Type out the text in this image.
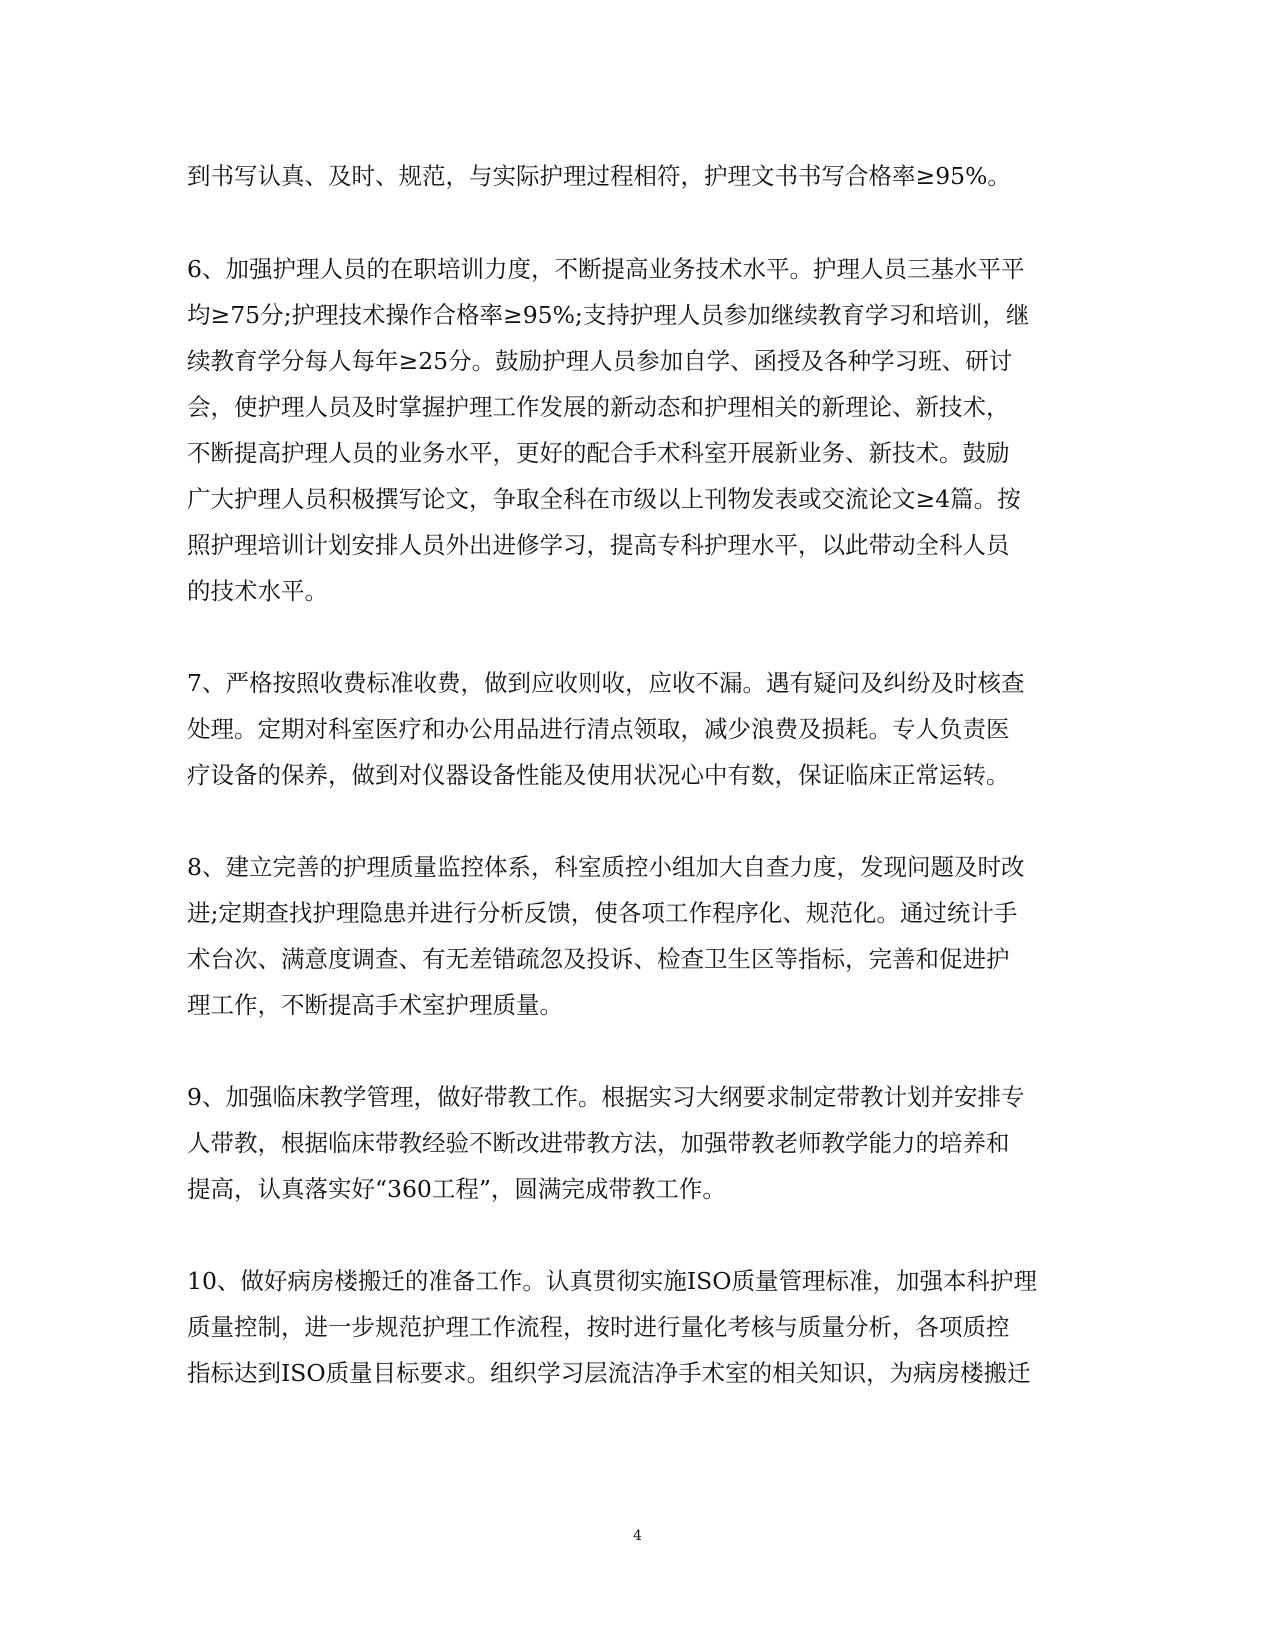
到书写认真、及时、规范，与实际护理过程相符，护理文书书写合格率≥95%。
6、加强护理人员的在职培训力度，不断提高业务技术水平。护理人员三基水平平
均≥75分;护理技术操作合格率≥95%;支持护理人员参加继续教育学习和培训，继
续教育学分每人每年≥25分。鼓励护理人员参加自学、函授及各种学习班、研讨
会，使护理人员及时掌握护理工作发展的新动态和护理相关的新理论、新技术，
不断提高护理人员的业务水平，更好的配合手术科室开展新业务、新技术。鼓励
广大护理人员积极撰写论文，争取全科在市级以上刊物发表或交流论文≥4篇。按
照护理培训计划安排人员外出进修学习，提高专科护理水平，以此带动全科人员
的技术水平。
7、严格按照收费标准收费，做到应收则收，应收不漏。遇有疑问及纠纷及时核查
处理。定期对科室医疗和办公用品进行清点领取，减少浪费及损耗。专人负责医
疗设备的保养，做到对仪器设备性能及使用状况心中有数，保证临床正常运转。
8、建立完善的护理质量监控体系，科室质控小组加大自查力度，发现问题及时改
进;定期查找护理隐患并进行分析反馈，使各项工作程序化、规范化。通过统计手
术台次、满意度调查、有无差错疏忽及投诉、检查卫生区等指标，完善和促进护
理工作，不断提高手术室护理质量。
9、加强临床教学管理，做好带教工作。根据实习大纲要求制定带教计划并安排专
人带教，根据临床带教经验不断改进带教方法，加强带教老师教学能力的培养和
提高，认真落实好“360工程”，圆满完成带教工作。
10、做好病房楼搬迁的准备工作。认真贯彻实施ISO质量管理标准，加强本科护理
质量控制，进一步规范护理工作流程，按时进行量化考核与质量分析，各项质控
指标达到ISO质量目标要求。组织学习层流洁净手术室的相关知识，为病房楼搬迁
4
